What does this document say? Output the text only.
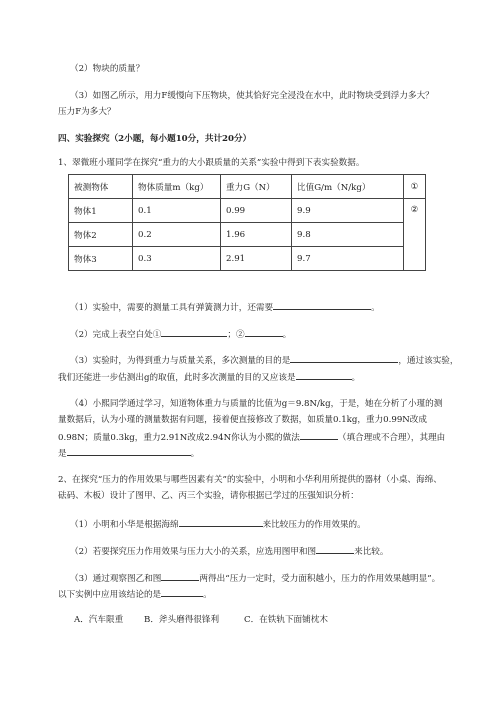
（2）物块的质量？
（3）如图乙所示，用力F缓慢向下压物块，使其恰好完全浸没在水中，此时物块受到浮力多大？
压力F为多大？
四、实验探究（2小题，每小题10分，共计20分）
1、翠微班小瑾同学在探究“重力的大小跟质量的关系”实验中得到下表实验数据。
被测物体	物体质量m（kg）	重力G（N）	比值G/m（N/kg）	①
物体1	0.1	0.99	9.9	②
物体2	0.2	1.96	9.8	
物体3	0.3	2.91	9.7	
（1）实验中，需要的测量工具有弹簧测力计，还需要	。
（2）完成上表空白处①	；②	。
（3）实验时，为得到重力与质量关系，多次测量的目的是	，通过该实验，
我们还能进一步估测出g的取值，此时多次测量的目的又应该是	。
（4）小熙同学通过学习，知道物体重力与质量的比值为g＝9.8N/kg，于是，她在分析了小瑾的测
量数据后，认为小瑾的测量数据有问题，接着便直接修改了数据，如质量0.1kg，重力0.99N改成
0.98N；质量0.3kg，重力2.91N改成2.94N你认为小熙的做法	（填合理或不合理），其理由
是	。
2、在探究“压力的作用效果与哪些因素有关”的实验中，小明和小华利用所提供的器材（小桌、海绵、
砝码、木板）设计了图甲、乙、丙三个实验，请你根据已学过的压强知识分析：
（1）小明和小华是根据海绵	来比较压力的作用效果的。
（2）若要探究压力作用效果与压力大小的关系，应选用图甲和图	来比较。
（3）通过观察图乙和图	两得出“压力一定时，受力面积越小，压力的作用效果越明显”。
以下实例中应用该结论的是	。
A．汽车限重 B．斧头磨得很锋利	C．在铁轨下面铺枕木
